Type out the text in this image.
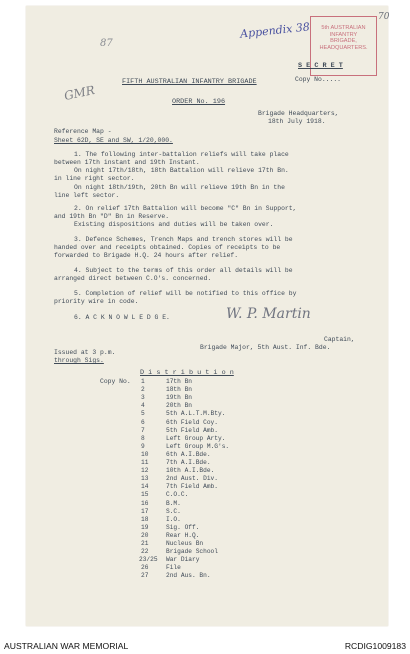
70
87
Appendix 38
GMR
5th AUSTRALIAN
INFANTRY BRIGADE,
HEADQUARTERS.
S E C R E T
Copy No.....
FIFTH AUSTRALIAN INFANTRY BRIGADE
ORDER No. 196
Brigade Headquarters,
18th July 1918.
Reference Map -
Sheet 62D, SE and SW, 1/20,000.
1. The following inter-battalion reliefs will take place
between 17th instant and 19th Instant.
On night 17th/18th, 18th Battalion will relieve 17th Bn.
in line right sector.
On night 18th/19th, 20th Bn will relieve 19th Bn in the
line left sector.
2. On relief 17th Battalion will become "C" Bn in Support,
and 19th Bn "D" Bn in Reserve.
Existing dispositions and duties will be taken over.
3. Defence Schemes, Trench Maps and trench stores will be
handed over and receipts obtained. Copies of receipts to be
forwarded to Brigade H.Q. 24 hours after relief.
4. Subject to the terms of this order all details will be
arranged direct between C.O's. concerned.
5. Completion of relief will be notified to this office by
priority wire in code.
6. A C K N O W L E D G E.	W. P. Martin
Captain,
Brigade Major, 5th Aust. Inf. Bde.
Issued at 3 p.m.
through Sigs.
D i s t r i b u t i o n
Copy No. 1	17th Bn
2	18th Bn
3	19th Bn
4	20th Bn
5	5th A.L.T.M.Bty.
6	6th Field Coy.
7	5th Field Amb.
8	Left Group Arty.
9	Left Group M.G's.
10	6th A.I.Bde.
11	7th A.I.Bde.
12	10th A.I.Bde.
13	2nd Aust. Div.
14	7th Field Amb.
15	C.O.C.
16	B.M.
17	S.C.
18	I.O.
19	Sig. Off.
20	Rear H.Q.
21	Nucleus Bn
22	Brigade School
23/25 War Diary
26	File
27	2nd Aus. Bn.
AUSTRALIAN WAR MEMORIAL	RCDIG1009183
